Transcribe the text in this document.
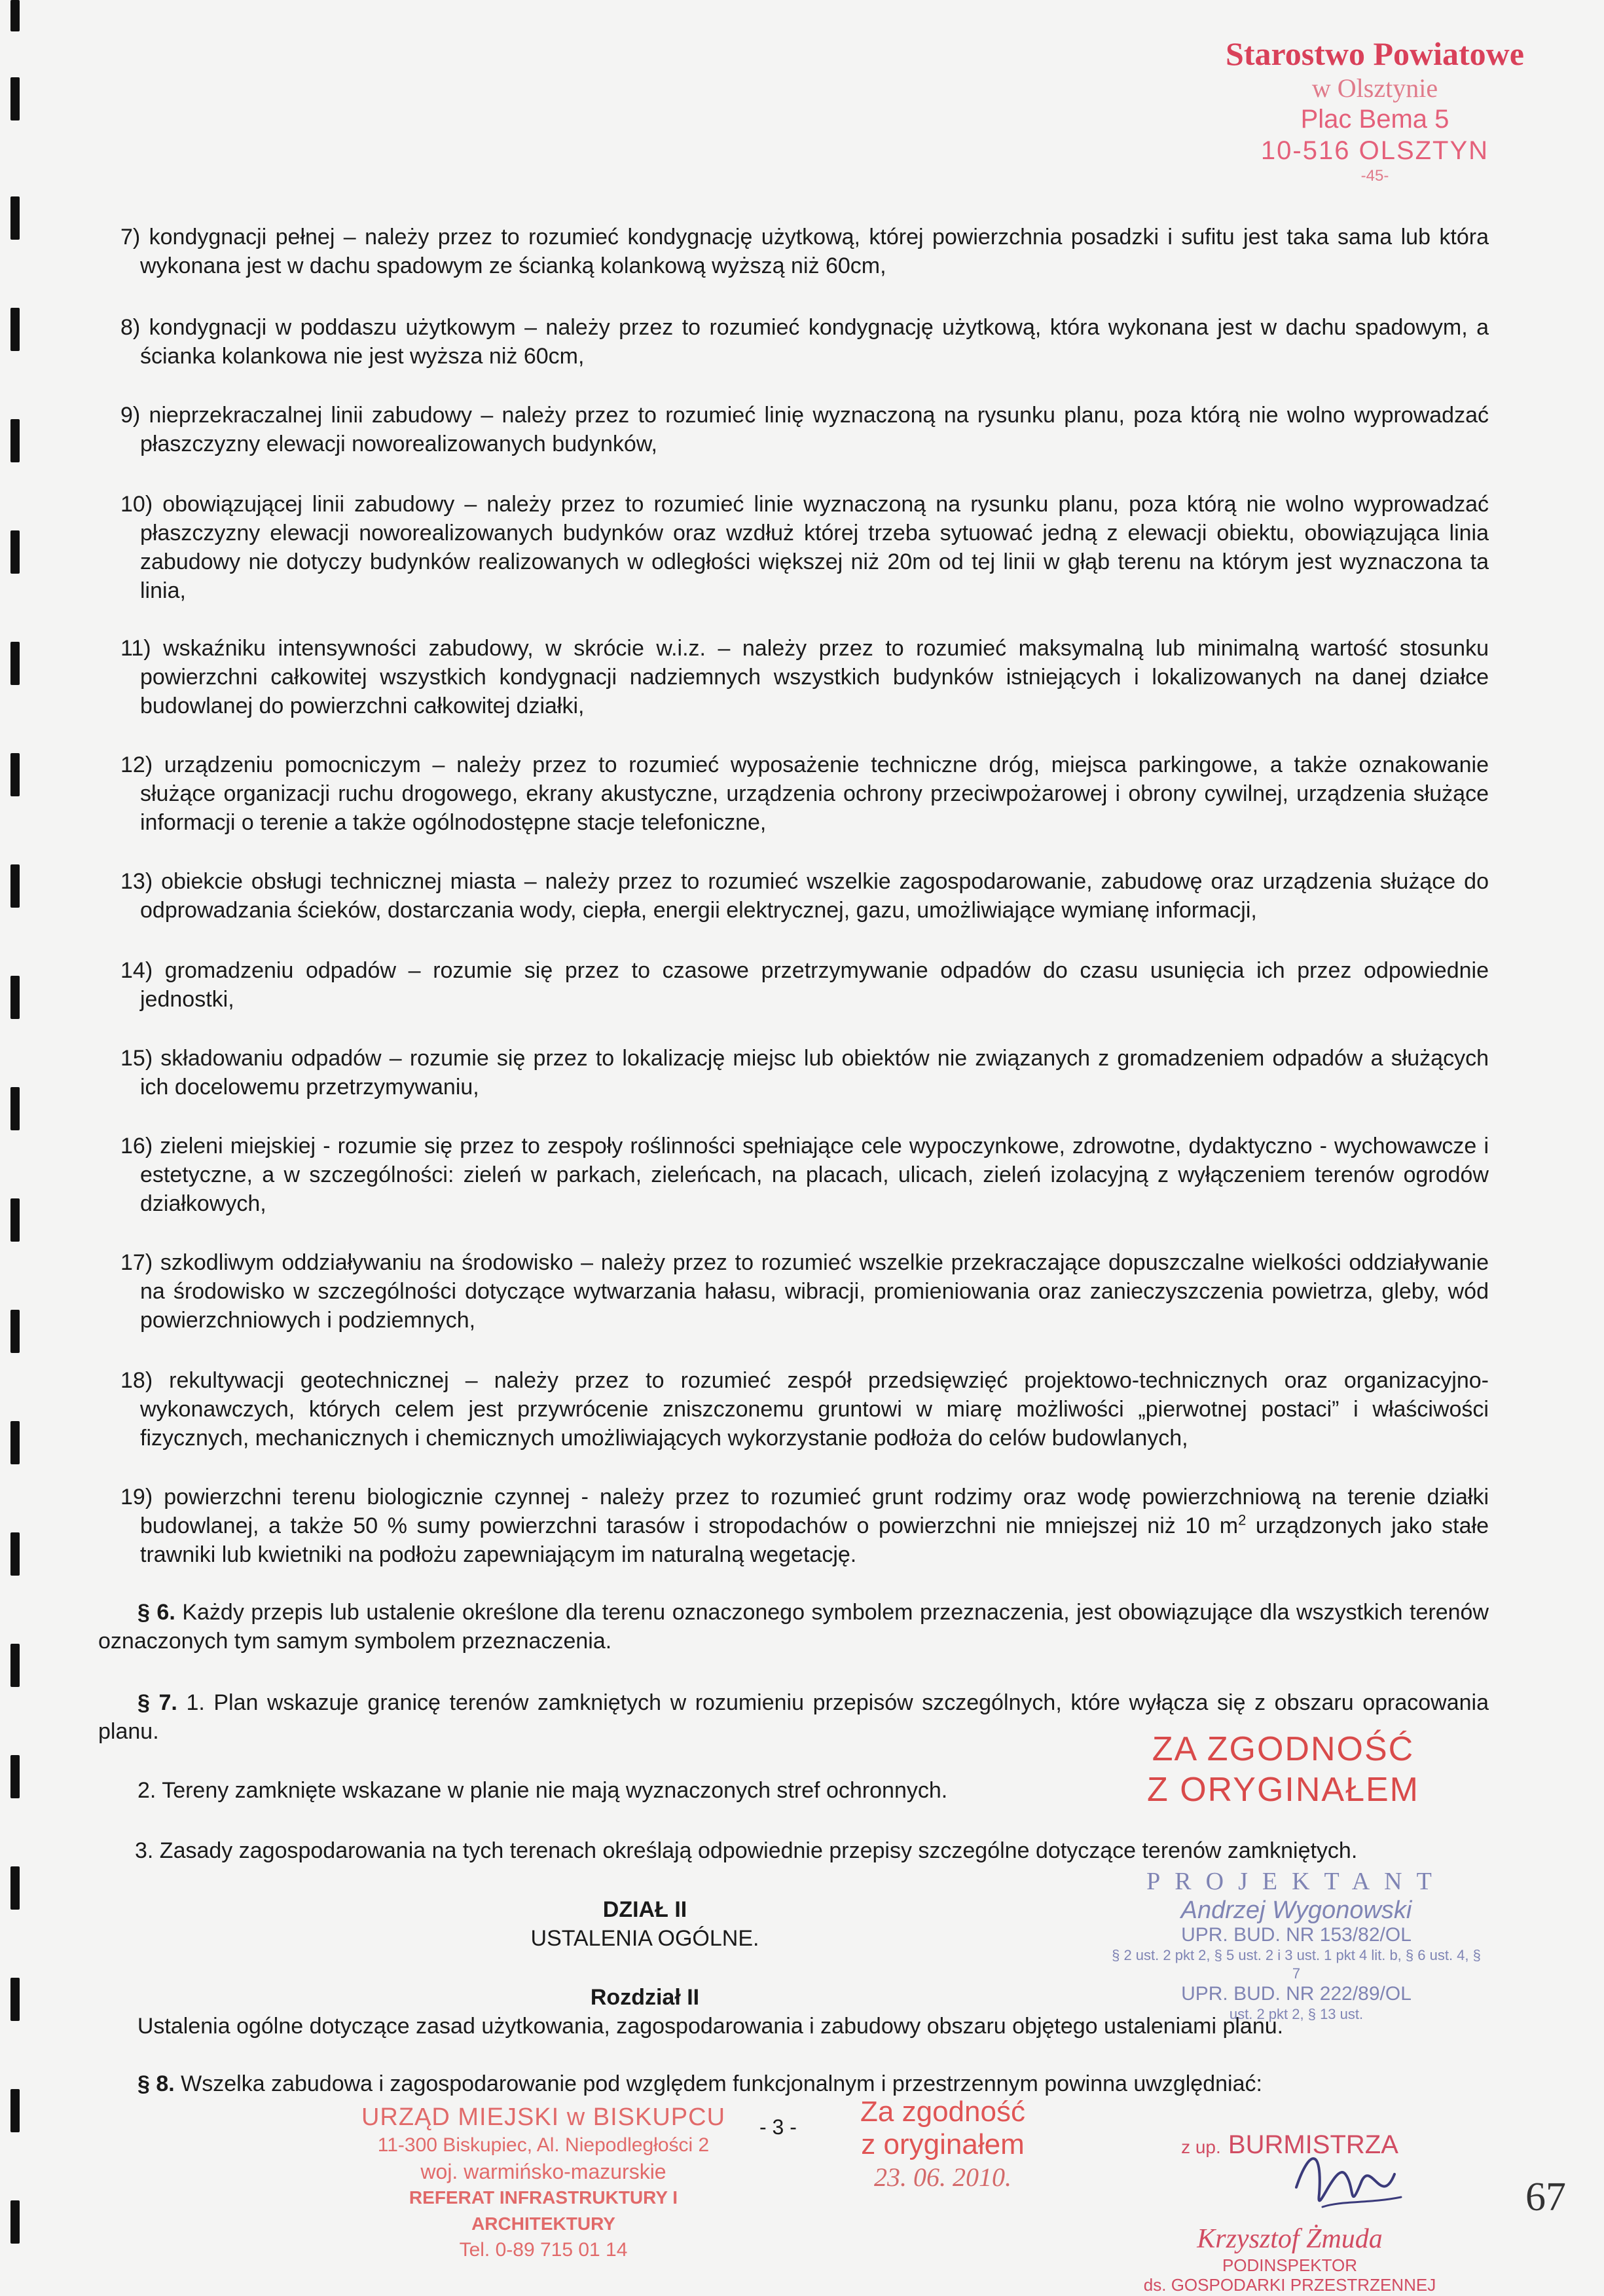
Starostwo Powiatowe
w Olsztynie
Plac Bema 5
10-516 OLSZTYN
-45-
7) kondygnacji pełnej – należy przez to rozumieć kondygnację użytkową, której powierzchnia posadzki i sufitu jest taka sama lub która wykonana jest w dachu spadowym ze ścianką kolankową wyższą niż 60cm,
8) kondygnacji w poddaszu użytkowym – należy przez to rozumieć kondygnację użytkową, która wykonana jest w dachu spadowym, a ścianka kolankowa nie jest wyższa niż 60cm,
9) nieprzekraczalnej linii zabudowy – należy przez to rozumieć linię wyznaczoną na rysunku planu, poza którą nie wolno wyprowadzać płaszczyzny elewacji noworealizowanych budynków,
10) obowiązującej linii zabudowy – należy przez to rozumieć linie wyznaczoną na rysunku planu, poza którą nie wolno wyprowadzać płaszczyzny elewacji noworealizowanych budynków oraz wzdłuż której trzeba sytuować jedną z elewacji obiektu, obowiązująca linia zabudowy nie dotyczy budynków realizowanych w odległości większej niż 20m od tej linii w głąb terenu na którym jest wyznaczona ta linia,
11) wskaźniku intensywności zabudowy, w skrócie w.i.z. – należy przez to rozumieć maksymalną lub minimalną wartość stosunku powierzchni całkowitej wszystkich kondygnacji nadziemnych wszystkich budynków istniejących i lokalizowanych na danej działce budowlanej do powierzchni całkowitej działki,
12) urządzeniu pomocniczym – należy przez to rozumieć wyposażenie techniczne dróg, miejsca parkingowe, a także oznakowanie służące organizacji ruchu drogowego, ekrany akustyczne, urządzenia ochrony przeciwpożarowej i obrony cywilnej, urządzenia służące informacji o terenie a także ogólnodostępne stacje telefoniczne,
13) obiekcie obsługi technicznej miasta – należy przez to rozumieć wszelkie zagospodarowanie, zabudowę oraz urządzenia służące do odprowadzania ścieków, dostarczania wody, ciepła, energii elektrycznej, gazu, umożliwiające wymianę informacji,
14) gromadzeniu odpadów – rozumie się przez to czasowe przetrzymywanie odpadów do czasu usunięcia ich przez odpowiednie jednostki,
15) składowaniu odpadów – rozumie się przez to lokalizację miejsc lub obiektów nie związanych z gromadzeniem odpadów a służących ich docelowemu przetrzymywaniu,
16) zieleni miejskiej - rozumie się przez to zespoły roślinności spełniające cele wypoczynkowe, zdrowotne, dydaktyczno - wychowawcze i estetyczne, a w szczególności: zieleń w parkach, zieleńcach, na placach, ulicach, zieleń izolacyjną z wyłączeniem terenów ogrodów działkowych,
17) szkodliwym oddziaływaniu na środowisko – należy przez to rozumieć wszelkie przekraczające dopuszczalne wielkości oddziaływanie na środowisko w szczególności dotyczące wytwarzania hałasu, wibracji, promieniowania oraz zanieczyszczenia powietrza, gleby, wód powierzchniowych i podziemnych,
18) rekultywacji geotechnicznej – należy przez to rozumieć zespół przedsięwzięć projektowo-technicznych oraz organizacyjno-wykonawczych, których celem jest przywrócenie zniszczonemu gruntowi w miarę możliwości „pierwotnej postaci” i właściwości fizycznych, mechanicznych i chemicznych umożliwiających wykorzystanie podłoża do celów budowlanych,
19) powierzchni terenu biologicznie czynnej - należy przez to rozumieć grunt rodzimy oraz wodę powierzchniową na terenie działki budowlanej, a także 50 % sumy powierzchni tarasów i stropodachów o powierzchni nie mniejszej niż 10 $m^2$ urządzonych jako stałe trawniki lub kwietniki na podłożu zapewniającym im naturalną wegetację.
§ 6. Każdy przepis lub ustalenie określone dla terenu oznaczonego symbolem przeznaczenia, jest obowiązujące dla wszystkich terenów oznaczonych tym samym symbolem przeznaczenia.
§ 7. 1. Plan wskazuje granicę terenów zamkniętych w rozumieniu przepisów szczególnych, które wyłącza się z obszaru opracowania planu.
2. Tereny zamknięte wskazane w planie nie mają wyznaczonych stref ochronnych.
3. Zasady zagospodarowania na tych terenach określają odpowiednie przepisy szczególne dotyczące terenów zamkniętych.
DZIAŁ II
USTALENIA OGÓLNE.
Rozdział II
Ustalenia ogólne dotyczące zasad użytkowania, zagospodarowania i zabudowy obszaru objętego ustaleniami planu.
§ 8. Wszelka zabudowa i zagospodarowanie pod względem funkcjonalnym i przestrzennym powinna uwzględniać:
ZA ZGODNOŚĆ
Z ORYGINAŁEM
PROJEKTANT
Andrzej Wygonowski
UPR. BUD. NR 153/82/OL
§ 2 ust. 2 pkt 2, § 5 ust. 2 i 3 ust. 1 pkt 4 lit. b, § 6 ust. 4, § 7
UPR. BUD. NR 222/89/OL
ust. 2 pkt 2, § 13 ust.
URZĄD MIEJSKI w BISKUPCU
11-300 Biskupiec, Al. Niepodległości 2
woj. warmińsko-mazurskie
REFERAT INFRASTRUKTURY I ARCHITEKTURY
Tel. 0-89 715 01 14
- 3 -	Za zgodność
z oryginałem
23. 06. 2010.
z up. BURMISTRZA
Krzysztof Żmuda
PODINSPEKTOR
ds. GOSPODARKI PRZESTRZENNEJ
67
